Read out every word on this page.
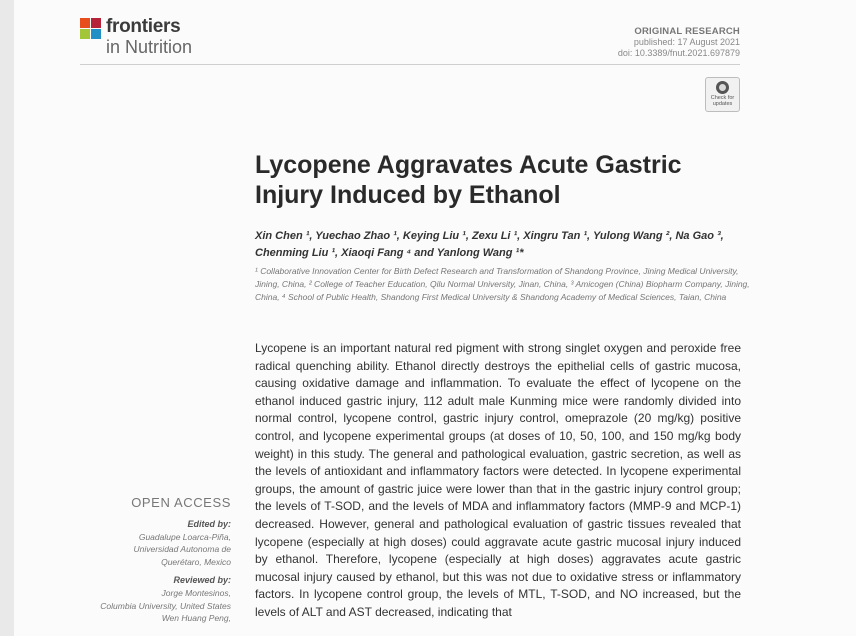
frontiers
in Nutrition
ORIGINAL RESEARCH
published: 17 August 2021
doi: 10.3389/fnut.2021.697879
Check for
updates
Lycopene Aggravates Acute Gastric Injury Induced by Ethanol
Xin Chen ¹, Yuechao Zhao ¹, Keying Liu ¹, Zexu Li ¹, Xingru Tan ¹, Yulong Wang ², Na Gao ³, Chenming Liu ¹, Xiaoqi Fang ⁴ and Yanlong Wang ¹*
¹ Collaborative Innovation Center for Birth Defect Research and Transformation of Shandong Province, Jining Medical University, Jining, China, ² College of Teacher Education, Qilu Normal University, Jinan, China, ³ Amicogen (China) Biopharm Company, Jining, China, ⁴ School of Public Health, Shandong First Medical University & Shandong Academy of Medical Sciences, Taian, China
Lycopene is an important natural red pigment with strong singlet oxygen and peroxide free radical quenching ability. Ethanol directly destroys the epithelial cells of gastric mucosa, causing oxidative damage and inflammation. To evaluate the effect of lycopene on the ethanol induced gastric injury, 112 adult male Kunming mice were randomly divided into normal control, lycopene control, gastric injury control, omeprazole (20 mg/kg) positive control, and lycopene experimental groups (at doses of 10, 50, 100, and 150 mg/kg body weight) in this study. The general and pathological evaluation, gastric secretion, as well as the levels of antioxidant and inflammatory factors were detected. In lycopene experimental groups, the amount of gastric juice were lower than that in the gastric injury control group; the levels of T-SOD, and the levels of MDA and inflammatory factors (MMP-9 and MCP-1) decreased. However, general and pathological evaluation of gastric tissues revealed that lycopene (especially at high doses) could aggravate acute gastric mucosal injury induced by ethanol. Therefore, lycopene (especially at high doses) aggravates acute gastric mucosal injury caused by ethanol, but this was not due to oxidative stress or inflammatory factors. In lycopene control group, the levels of MTL, T-SOD, and NO increased, but the levels of ALT and AST decreased, indicating that
OPEN ACCESS
Edited by:
Guadalupe Loarca-Piña,
Universidad Autonoma de
Querétaro, Mexico
Reviewed by:
Jorge Montesinos,
Columbia University, United States
Wen Huang Peng,
